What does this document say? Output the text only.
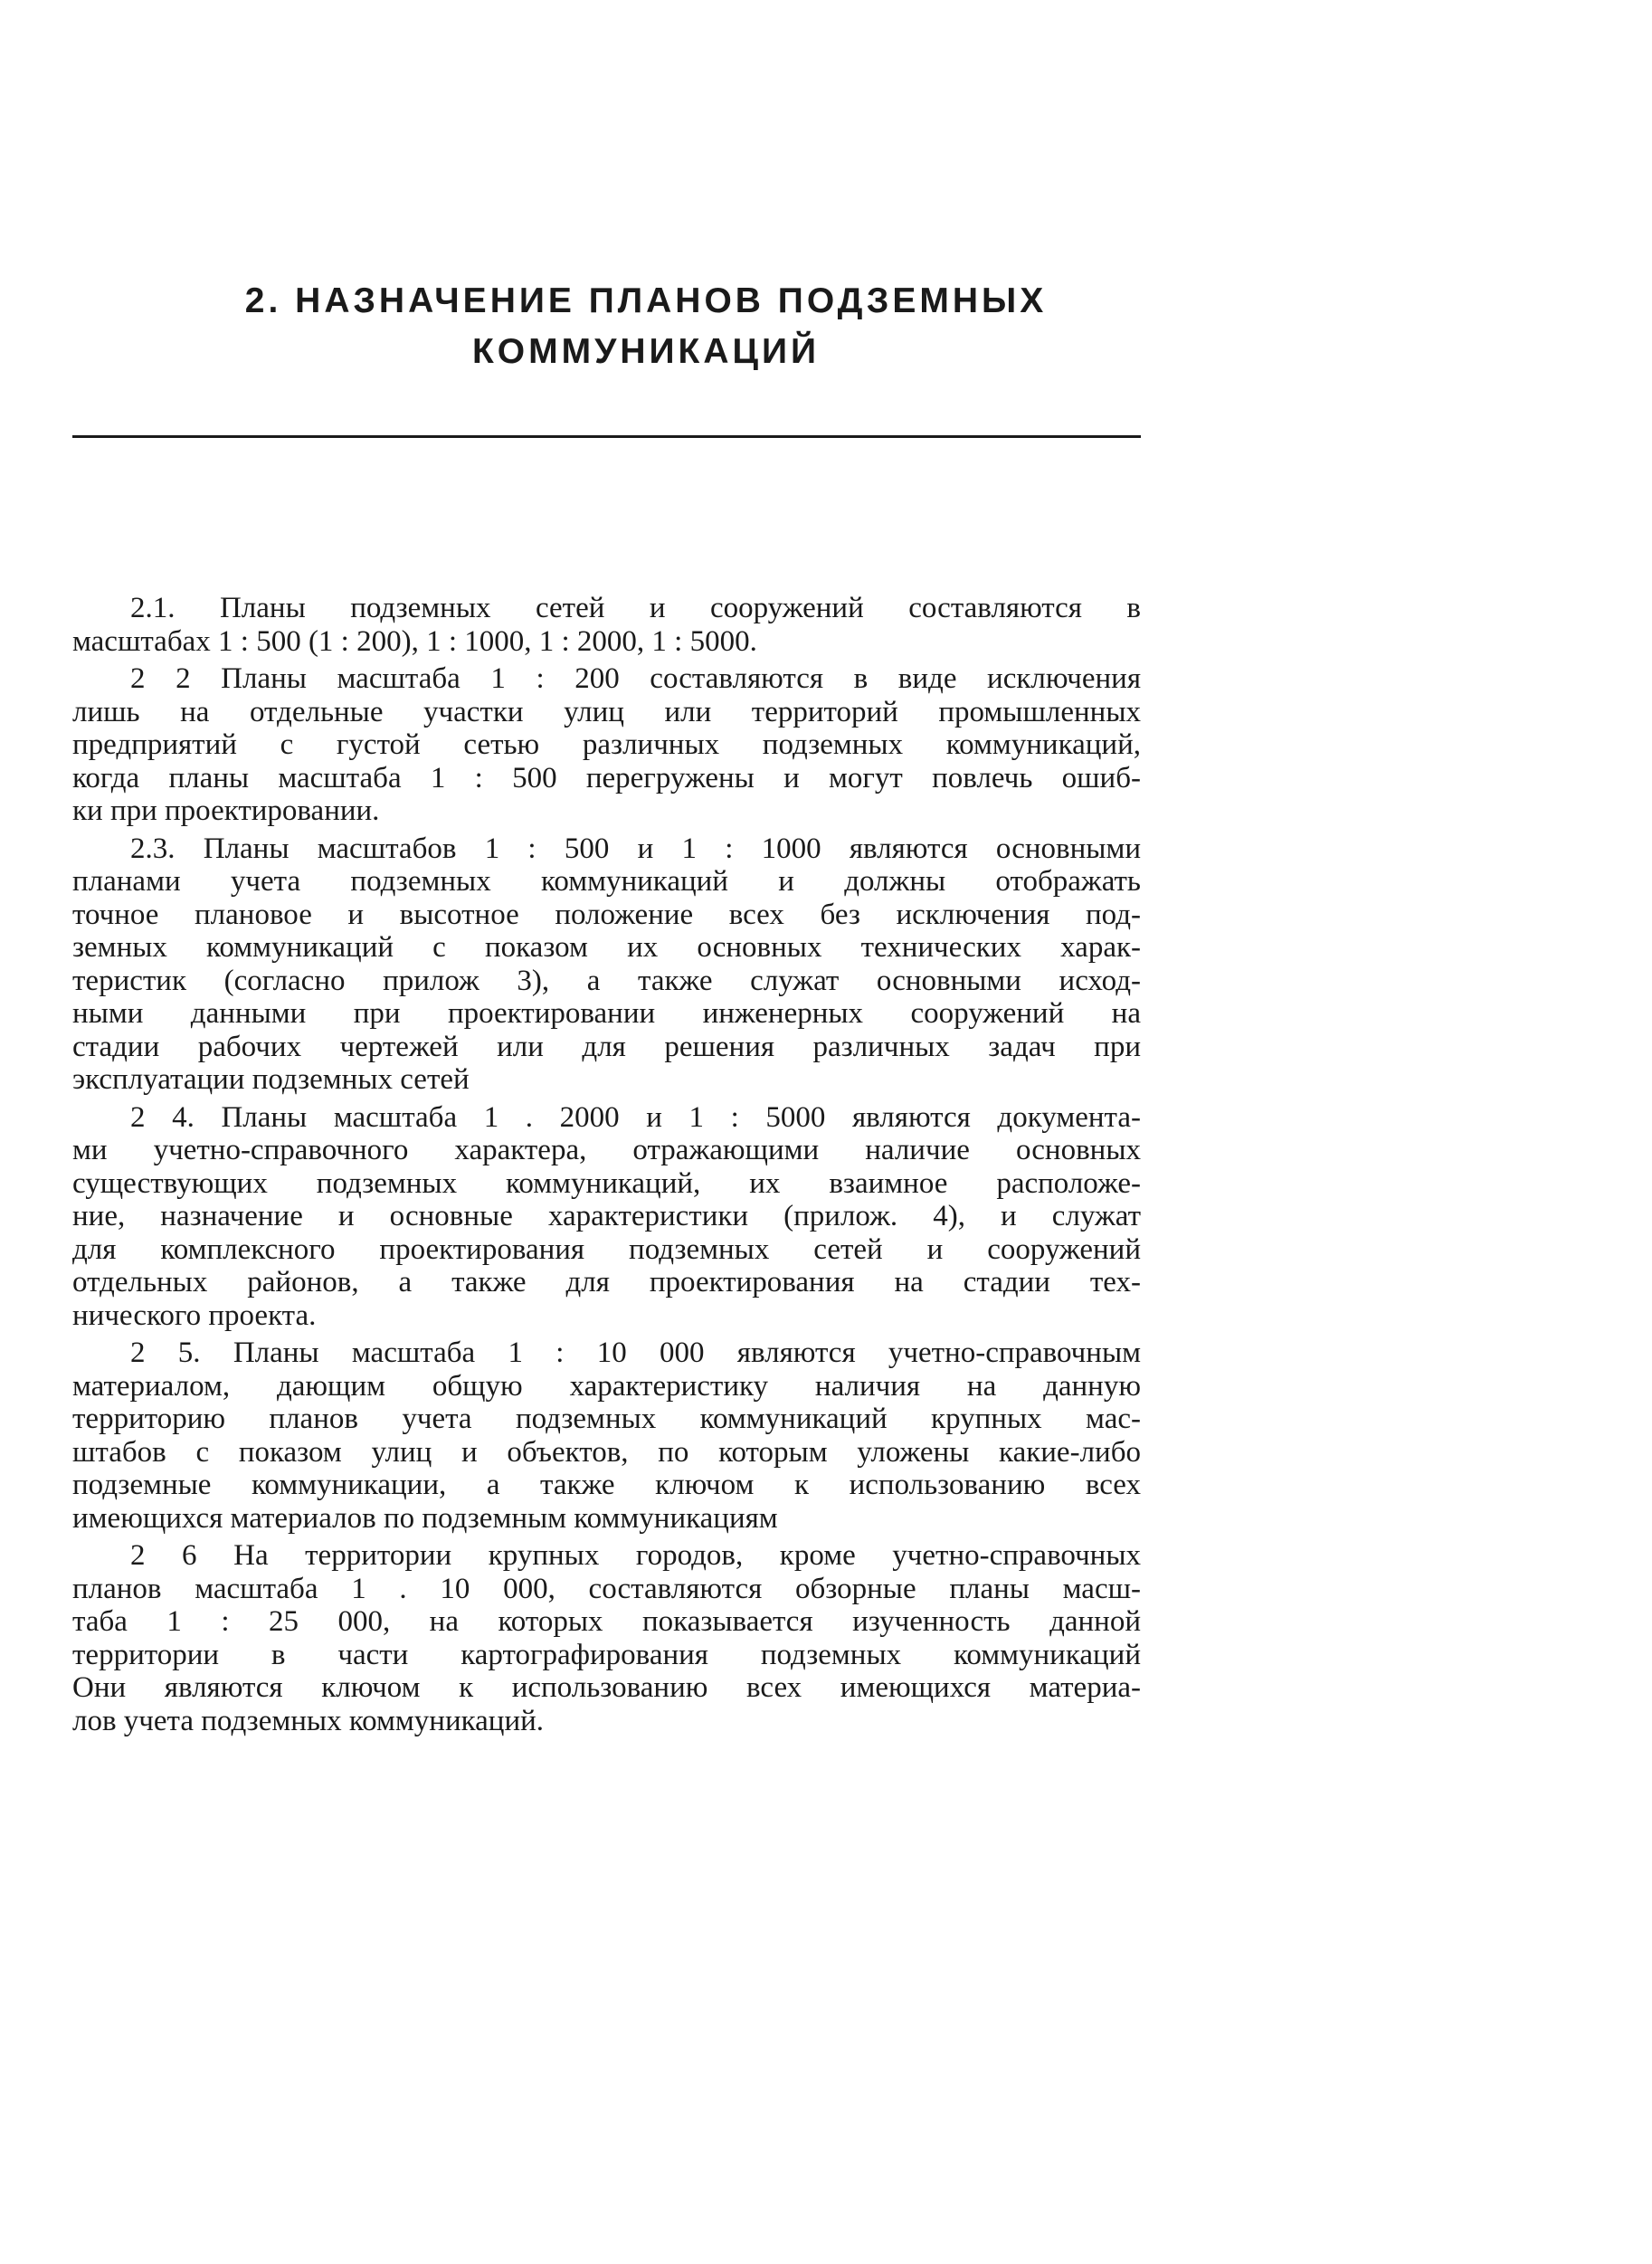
2. НАЗНАЧЕНИЕ ПЛАНОВ ПОДЗЕМНЫХ
КОММУНИКАЦИЙ
2.1. Планы подземных сетей и сооружений составляются в
масштабах 1 : 500 (1 : 200), 1 : 1000, 1 : 2000, 1 : 5000.
2 2 Планы масштаба 1 : 200 составляются в виде исключения
лишь на отдельные участки улиц или территорий промышленных
предприятий с густой сетью различных подземных коммуникаций,
когда планы масштаба 1 : 500 перегружены и могут повлечь ошиб-
ки при проектировании.
2.3. Планы масштабов 1 : 500 и 1 : 1000 являются основными
планами учета подземных коммуникаций и должны отображать
точное плановое и высотное положение всех без исключения под-
земных коммуникаций с показом их основных технических харак-
теристик (согласно прилож 3), а также служат основными исход-
ными данными при проектировании инженерных сооружений на
стадии рабочих чертежей или для решения различных задач при
эксплуатации подземных сетей
2 4. Планы масштаба 1 . 2000 и 1 : 5000 являются документа-
ми учетно-справочного характера, отражающими наличие основных
существующих подземных коммуникаций, их взаимное расположе-
ние, назначение и основные характеристики (прилож. 4), и служат
для комплексного проектирования подземных сетей и сооружений
отдельных районов, а также для проектирования на стадии тех-
нического проекта.
2 5. Планы масштаба 1 : 10 000 являются учетно-справочным
материалом, дающим общую характеристику наличия на данную
территорию планов учета подземных коммуникаций крупных мас-
штабов с показом улиц и объектов, по которым уложены какие-либо
подземные коммуникации, а также ключом к использованию всех
имеющихся материалов по подземным коммуникациям
2 6 На территории крупных городов, кроме учетно-справочных
планов масштаба 1 . 10 000, составляются обзорные планы масш-
таба 1 : 25 000, на которых показывается изученность данной
территории в части картографирования подземных коммуникаций
Они являются ключом к использованию всех имеющихся материа-
лов учета подземных коммуникаций.
